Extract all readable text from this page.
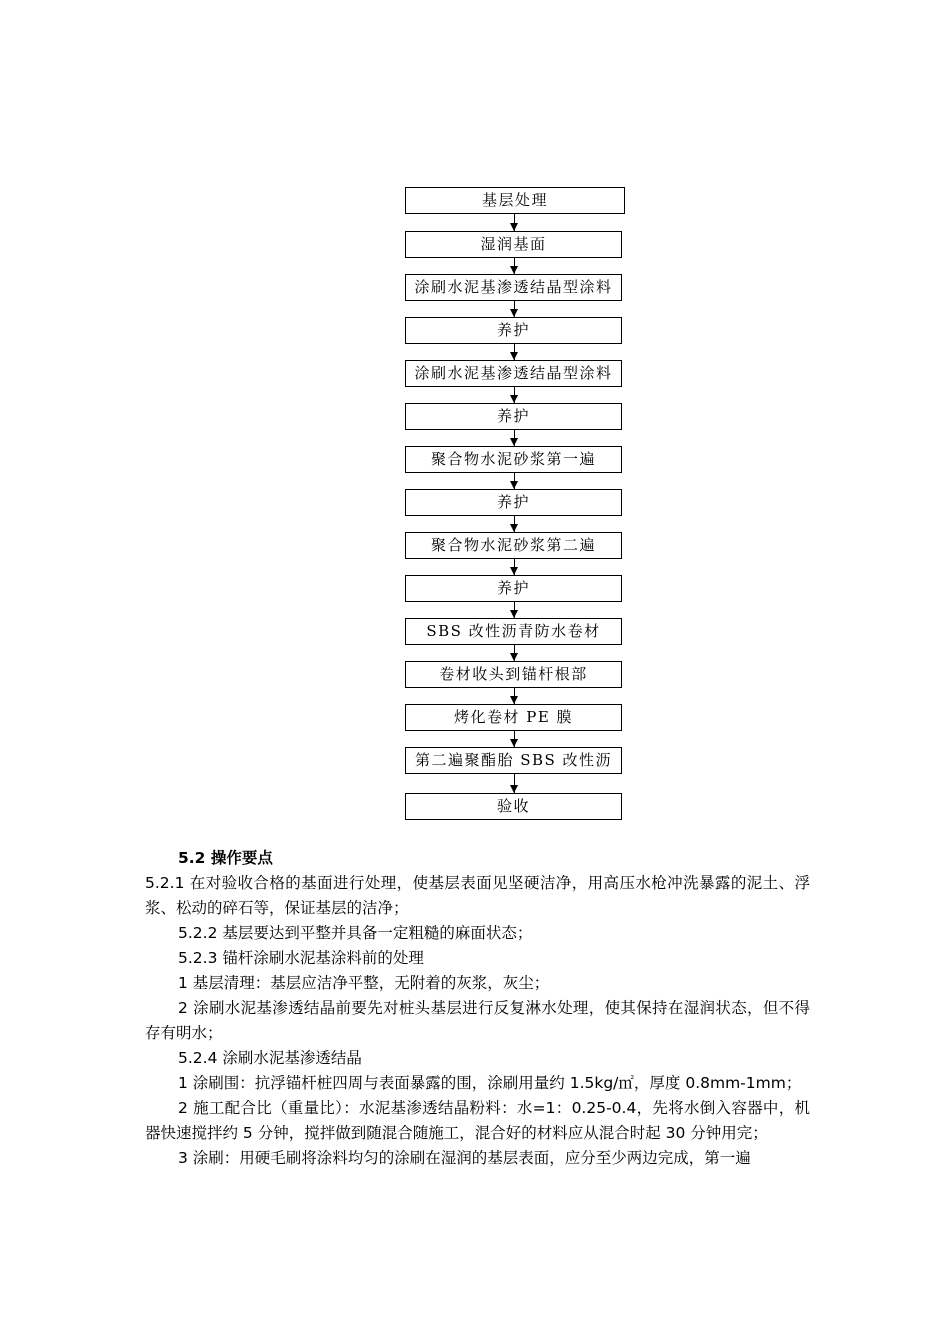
基层处理
湿润基面
涂刷水泥基渗透结晶型涂料
养护
涂刷水泥基渗透结晶型涂料
养护
聚合物水泥砂浆第一遍
养护
聚合物水泥砂浆第二遍
养护
SBS 改性沥青防水卷材
卷材收头到锚杆根部
烤化卷材 PE 膜
第二遍聚酯胎 SBS 改性沥
验收

5.2 操作要点

5.2.1 在对验收合格的基面进行处理，使基层表面见坚硬洁净，用高压水枪冲洗暴露的泥土、浮浆、松动的碎石等，保证基层的洁净；

5.2.2 基层要达到平整并具备一定粗糙的麻面状态；

5.2.3 锚杆涂刷水泥基涂料前的处理

1 基层清理：基层应洁净平整，无附着的灰浆，灰尘；

2 涂刷水泥基渗透结晶前要先对桩头基层进行反复淋水处理，使其保持在湿润状态，但不得存有明水；

5.2.4 涂刷水泥基渗透结晶

1 涂刷围：抗浮锚杆桩四周与表面暴露的围，涂刷用量约 1.5kg/㎡，厚度 0.8mm-1mm；

2 施工配合比（重量比）：水泥基渗透结晶粉料：水=1：0.25-0.4，先将水倒入容器中，机器快速搅拌约 5 分钟，搅拌做到随混合随施工，混合好的材料应从混合时起 30 分钟用完；

3 涂刷：用硬毛刷将涂料均匀的涂刷在湿润的基层表面，应分至少两边完成，第一遍
